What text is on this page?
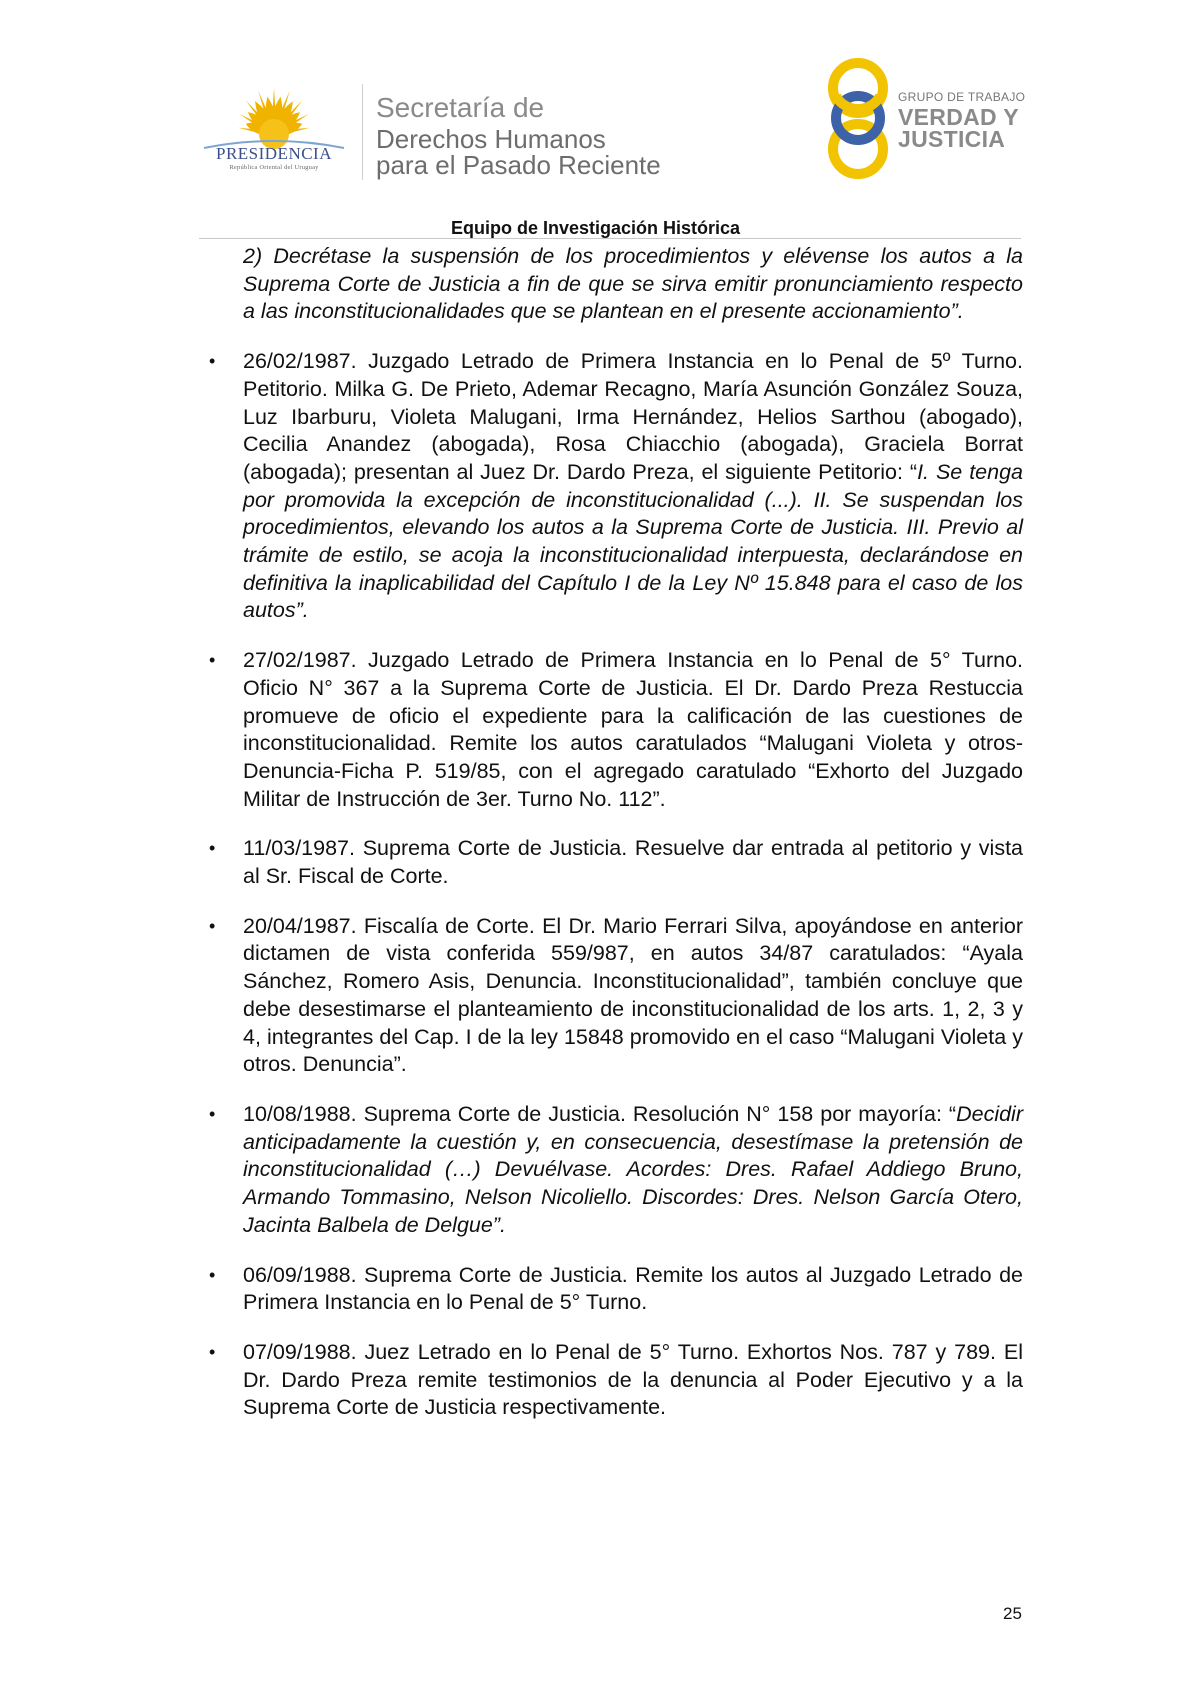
PRESIDENCIA
República Oriental del Uruguay
Secretaría de
Derechos Humanos
para el Pasado Reciente
GRUPO DE TRABAJO
VERDAD Y
JUSTICIA
Equipo de Investigación Histórica

2) Decrétase la suspensión de los procedimientos y elévense los autos a la Suprema Corte de Justicia a fin de que se sirva emitir pronunciamiento respecto a las inconstitucionalidades que se plantean en el presente accionamiento”.

• 26/02/1987. Juzgado Letrado de Primera Instancia en lo Penal de 5º Turno. Petitorio. Milka G. De Prieto, Ademar Recagno, María Asunción González Souza, Luz Ibarburu, Violeta Malugani, Irma Hernández, Helios Sarthou (abogado), Cecilia Anandez (abogada), Rosa Chiacchio (abogada), Graciela Borrat (abogada); presentan al Juez Dr. Dardo Preza, el siguiente Petitorio: “I. Se tenga por promovida la excepción de inconstitucionalidad (...). II. Se suspendan los procedimientos, elevando los autos a la Suprema Corte de Justicia. III. Previo al trámite de estilo, se acoja la inconstitucionalidad interpuesta, declarándose en definitiva la inaplicabilidad del Capítulo I de la Ley Nº 15.848 para el caso de los autos”.

• 27/02/1987. Juzgado Letrado de Primera Instancia en lo Penal de 5° Turno. Oficio N° 367 a la Suprema Corte de Justicia. El Dr. Dardo Preza Restuccia promueve de oficio el expediente para la calificación de las cuestiones de inconstitucionalidad. Remite los autos caratulados “Malugani Violeta y otros-Denuncia-Ficha P. 519/85, con el agregado caratulado “Exhorto del Juzgado Militar de Instrucción de 3er. Turno No. 112”.

• 11/03/1987. Suprema Corte de Justicia. Resuelve dar entrada al petitorio y vista al Sr. Fiscal de Corte.

• 20/04/1987. Fiscalía de Corte. El Dr. Mario Ferrari Silva, apoyándose en anterior dictamen de vista conferida 559/987, en autos 34/87 caratulados: “Ayala Sánchez, Romero Asis, Denuncia. Inconstitucionalidad”, también concluye que debe desestimarse el planteamiento de inconstitucionalidad de los arts. 1, 2, 3 y 4, integrantes del Cap. I de la ley 15848 promovido en el caso “Malugani Violeta y otros. Denuncia”.

• 10/08/1988. Suprema Corte de Justicia. Resolución N° 158 por mayoría: “Decidir anticipadamente la cuestión y, en consecuencia, desestímase la pretensión de inconstitucionalidad (…) Devuélvase. Acordes: Dres. Rafael Addiego Bruno, Armando Tommasino, Nelson Nicoliello. Discordes: Dres. Nelson García Otero, Jacinta Balbela de Delgue”.

• 06/09/1988. Suprema Corte de Justicia. Remite los autos al Juzgado Letrado de Primera Instancia en lo Penal de 5° Turno.

• 07/09/1988. Juez Letrado en lo Penal de 5° Turno. Exhortos Nos. 787 y 789. El Dr. Dardo Preza remite testimonios de la denuncia al Poder Ejecutivo y a la Suprema Corte de Justicia respectivamente.

25
